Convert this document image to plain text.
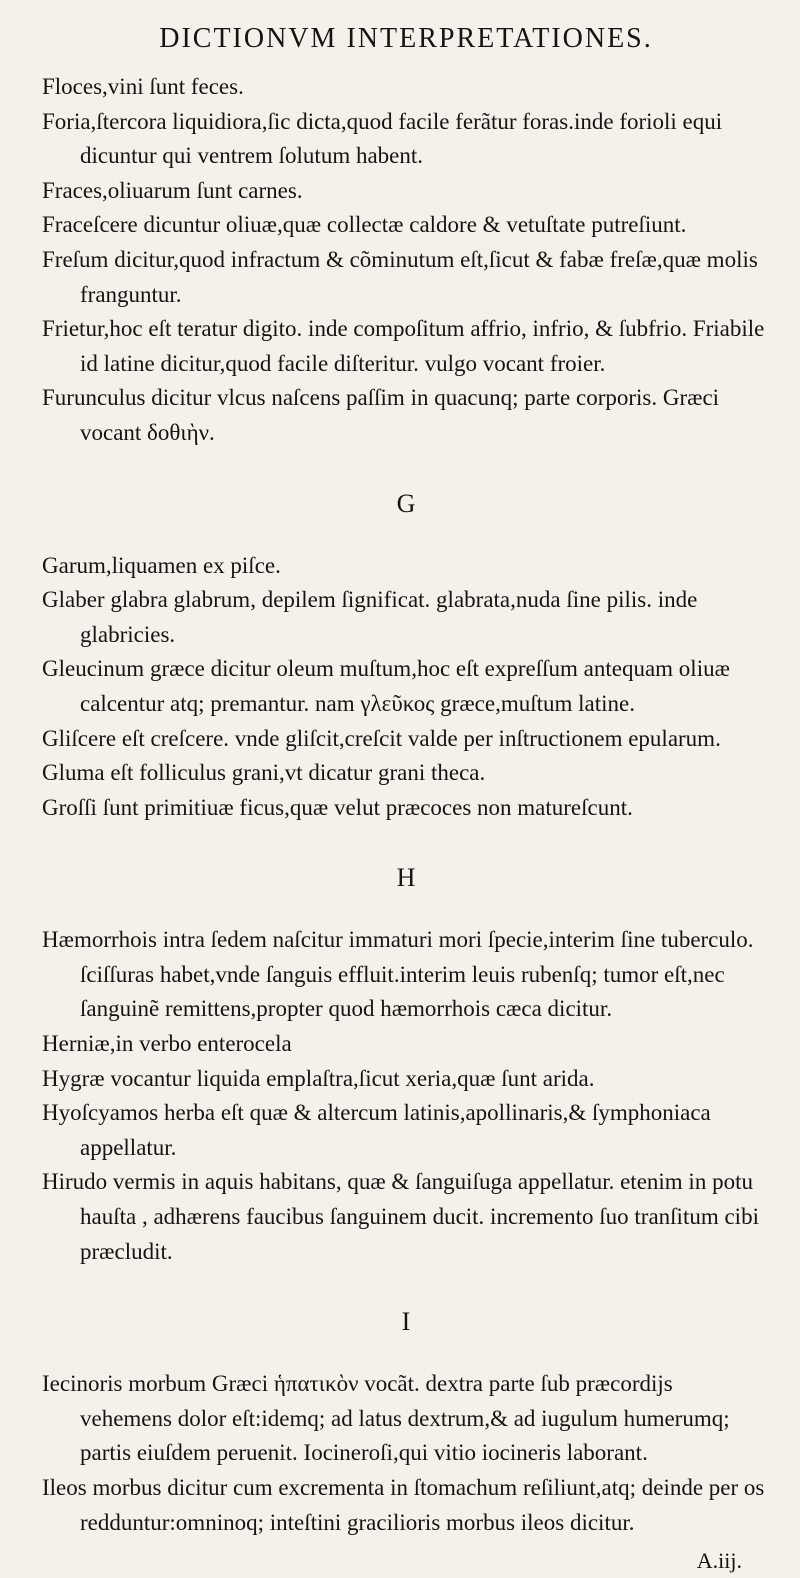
DICTIONVM INTERPRETATIONES.

Floces,vini ſunt feces.

Foria,ſtercora liquidiora,ſic dicta,quod facile ferãtur foras.inde forioli equi dicuntur qui ventrem ſolutum habent.

Fraces,oliuarum ſunt carnes.

Fraceſcere dicuntur oliuæ,quæ collectæ caldore & vetuſtate putreſiunt.

Freſum dicitur,quod infractum & cõminutum eſt,ſicut & fabæ freſæ,quæ molis franguntur.

Frietur,hoc eſt teratur digito. inde compoſitum affrio, infrio, & ſubfrio. Friabile id latine dicitur,quod facile diſteritur. vulgo vocant froier.

Furunculus dicitur vlcus naſcens paſſim in quacunq; parte corporis. Græci vocant δοθιὴν.

G

Garum,liquamen ex piſce.

Glaber glabra glabrum, depilem ſignificat. glabrata,nuda ſine pilis. inde glabricies.

Gleucinum græce dicitur oleum muſtum,hoc eſt expreſſum antequam oliuæ calcentur atq; premantur. nam γλεῦκος græce,muſtum latine.

Gliſcere eſt creſcere. vnde gliſcit,creſcit valde per inſtructionem epularum.

Gluma eſt folliculus grani,vt dicatur grani theca.

Groſſi ſunt primitiuæ ficus,quæ velut præcoces non matureſcunt.

H

Hæmorrhois intra ſedem naſcitur immaturi mori ſpecie,interim ſine tuberculo. ſciſſuras habet,vnde ſanguis effluit.interim leuis rubenſq; tumor eſt,nec ſanguinẽ remittens,propter quod hæmorrhois cæca dicitur.

Herniæ,in verbo enterocela

Hygræ vocantur liquida emplaſtra,ſicut xeria,quæ ſunt arida.

Hyoſcyamos herba eſt quæ & altercum latinis,apollinaris,& ſymphoniaca appellatur.

Hirudo vermis in aquis habitans, quæ & ſanguiſuga appellatur. etenim in potu hauſta , adhærens faucibus ſanguinem ducit. incremento ſuo tranſitum cibi præcludit.

I

Iecinoris morbum Græci ἡπατικὸν vocãt. dextra parte ſub præcordijs vehemens dolor eſt:idemq; ad latus dextrum,& ad iugulum humerumq; partis eiuſdem peruenit. Iocineroſi,qui vitio iocineris laborant.

Ileos morbus dicitur cum excrementa in ſtomachum reſiliunt,atq; deinde per os redduntur:omninoq; inteſtini gracilioris morbus ileos dicitur.

A.iij.
